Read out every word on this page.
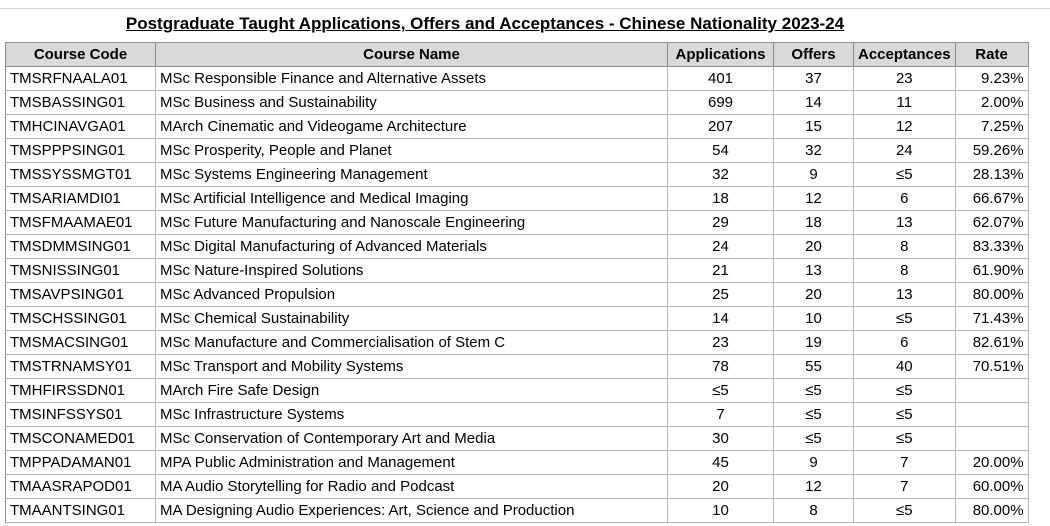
Postgraduate Taught Applications, Offers and Acceptances - Chinese Nationality 2023-24
Course Code	Course Name	Applications	Offers	Acceptances	Rate
TMSRFNAALA01	MSc Responsible Finance and Alternative Assets	401	37	23	9.23%
TMSBASSING01	MSc Business and Sustainability	699	14	11	2.00%
TMHCINAVGA01	MArch Cinematic and Videogame Architecture	207	15	12	7.25%
TMSPPPSING01	MSc Prosperity, People and Planet	54	32	24	59.26%
TMSSYSSMGT01	MSc Systems Engineering Management	32	9	≤5	28.13%
TMSARIAMDI01	MSc Artificial Intelligence and Medical Imaging	18	12	6	66.67%
TMSFMAAMAE01	MSc Future Manufacturing and Nanoscale Engineering	29	18	13	62.07%
TMSDMMSING01	MSc Digital Manufacturing of Advanced Materials	24	20	8	83.33%
TMSNISSING01	MSc Nature-Inspired Solutions	21	13	8	61.90%
TMSAVPSING01	MSc Advanced Propulsion	25	20	13	80.00%
TMSCHSSING01	MSc Chemical Sustainability	14	10	≤5	71.43%
TMSMACSING01	MSc Manufacture and Commercialisation of Stem C	23	19	6	82.61%
TMSTRNAMSY01	MSc Transport and Mobility Systems	78	55	40	70.51%
TMHFIRSSDN01	MArch Fire Safe Design	≤5	≤5	≤5	
TMSINFSSYS01	MSc Infrastructure Systems	7	≤5	≤5	
TMSCONAMED01	MSc Conservation of Contemporary Art and Media	30	≤5	≤5	
TMPPADAMAN01	MPA Public Administration and Management	45	9	7	20.00%
TMAASRAPOD01	MA Audio Storytelling for Radio and Podcast	20	12	7	60.00%
TMAANTSING01	MA Designing Audio Experiences: Art, Science and Production	10	8	≤5	80.00%
